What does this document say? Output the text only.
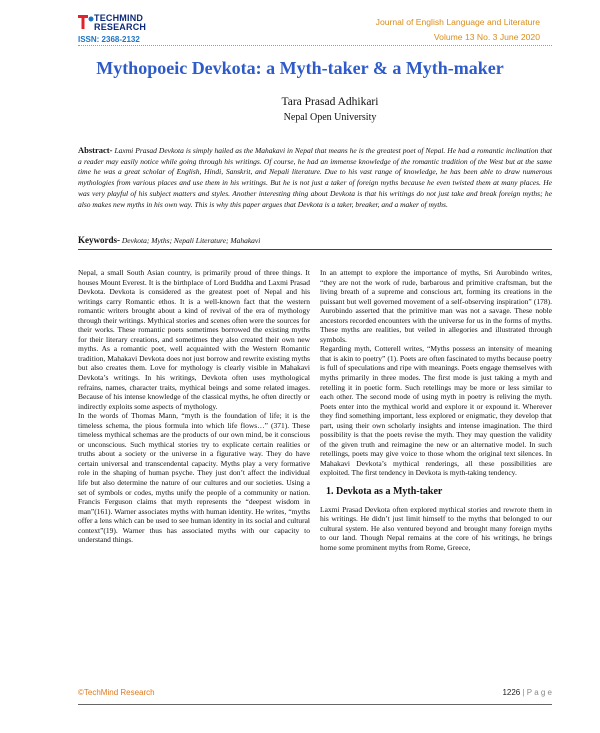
TECHMIND
RESEARCH
ISSN: 2368-2132
Journal of English Language and Literature
Volume 13 No. 3 June 2020
Mythopoeic Devkota: a Myth-taker & a Myth-maker
Tara Prasad Adhikari
Nepal Open University
Abstract- Laxmi Prasad Devkota is simply hailed as the Mahakavi in Nepal that means he is the greatest poet of Nepal. He had a romantic inclination that a reader may easily notice while going through his writings. Of course, he had an immense knowledge of the romantic tradition of the West but at the same time he was a great scholar of English, Hindi, Sanskrit, and Nepali literature. Due to his vast range of knowledge, he has been able to draw numerous mythologies from various places and use them in his writings. But he is not just a taker of foreign myths because he even twisted them at many places. He was very playful of his subject matters and styles. Another interesting thing about Devkota is that his writings do not just take and break foreign myths; he also makes new myths in his own way. This is why this paper argues that Devkota is a taker, breaker, and a maker of myths.
Keywords- Devkota; Myths; Nepali Literature; Mahakavi

Nepal, a small South Asian country, is primarily proud of three things. It houses Mount Everest. It is the birthplace of Lord Buddha and Laxmi Prasad Devkota. Devkota is considered as the greatest poet of Nepal and his writings carry Romantic ethos. It is a well-known fact that the western romantic writers brought about a kind of revival of the era of mythology through their writings. Mythical stories and scenes often were the sources for their works. These romantic poets sometimes borrowed the existing myths for their literary creations, and sometimes they also created their own new myths. As a romantic poet, well acquainted with the Western Romantic tradition, Mahakavi Devkota does not just borrow and rewrite existing myths but also creates them. Love for mythology is clearly visible in Mahakavi Devkota’s writings. In his writings, Devkota often uses mythological refrains, names, character traits, mythical beings and some related images. Because of his intense knowledge of the classical myths, he often directly or indirectly exploits some aspects of mythology.

In the words of Thomas Mann, “myth is the foundation of life; it is the timeless schema, the pious formula into which life flows…” (371). These timeless mythical schemas are the products of our own mind, be it conscious or unconscious. Such mythical stories try to explicate certain realities or truths about a society or the universe in a figurative way. They do have certain universal and transcendental capacity. Myths play a very formative role in the shaping of human psyche. They just don’t affect the individual life but also determine the nature of our cultures and our societies. Using a set of symbols or codes, myths unify the people of a community or nation. Francis Ferguson claims that myth represents the “deepest wisdom in man”(161). Warner associates myths with human identity. He writes, “myths offer a lens which can be used to see human identity in its social and cultural context”(19). Warner thus has associated myths with our capacity to understand things.

In an attempt to explore the importance of myths, Sri Aurobindo writes, “they are not the work of rude, barbarous and primitive craftsman, but the living breath of a supreme and conscious art, forming its creations in the puissant but well governed movement of a self-observing inspiration” (178). Aurobindo asserted that the primitive man was not a savage. These noble ancestors recorded encounters with the universe for us in the forms of myths. These myths are realities, but veiled in allegories and illustrated through symbols.

Regarding myth, Cotterell writes, “Myths possess an intensity of meaning that is akin to poetry” (1). Poets are often fascinated to myths because poetry is full of speculations and ripe with meanings. Poets engage themselves with myths primarily in three modes. The first mode is just taking a myth and retelling it in poetic form. Such retellings may be more or less similar to each other. The second mode of using myth in poetry is reliving the myth. Poets enter into the mythical world and explore it or expound it. Wherever they find something important, less explored or enigmatic, they develop that part, using their own scholarly insights and intense imagination. The third possibility is that the poets revise the myth. They may question the validity of the given truth and reimagine the new or an alternative model. In such retellings, poets may give voice to those whom the original text silences. In Mahakavi Devkota’s mythical renderings, all these possibilities are exploited. The first tendency in Devkota is myth-taking tendency.

1. Devkota as a Myth-taker

Laxmi Prasad Devkota often explored mythical stories and rewrote them in his writings. He didn’t just limit himself to the myths that belonged to our cultural system. He also ventured beyond and brought many foreign myths to our land. Though Nepal remains at the core of his writings, he brings home some prominent myths from Rome, Greece,

©TechMind Research	1226 | P a g e
